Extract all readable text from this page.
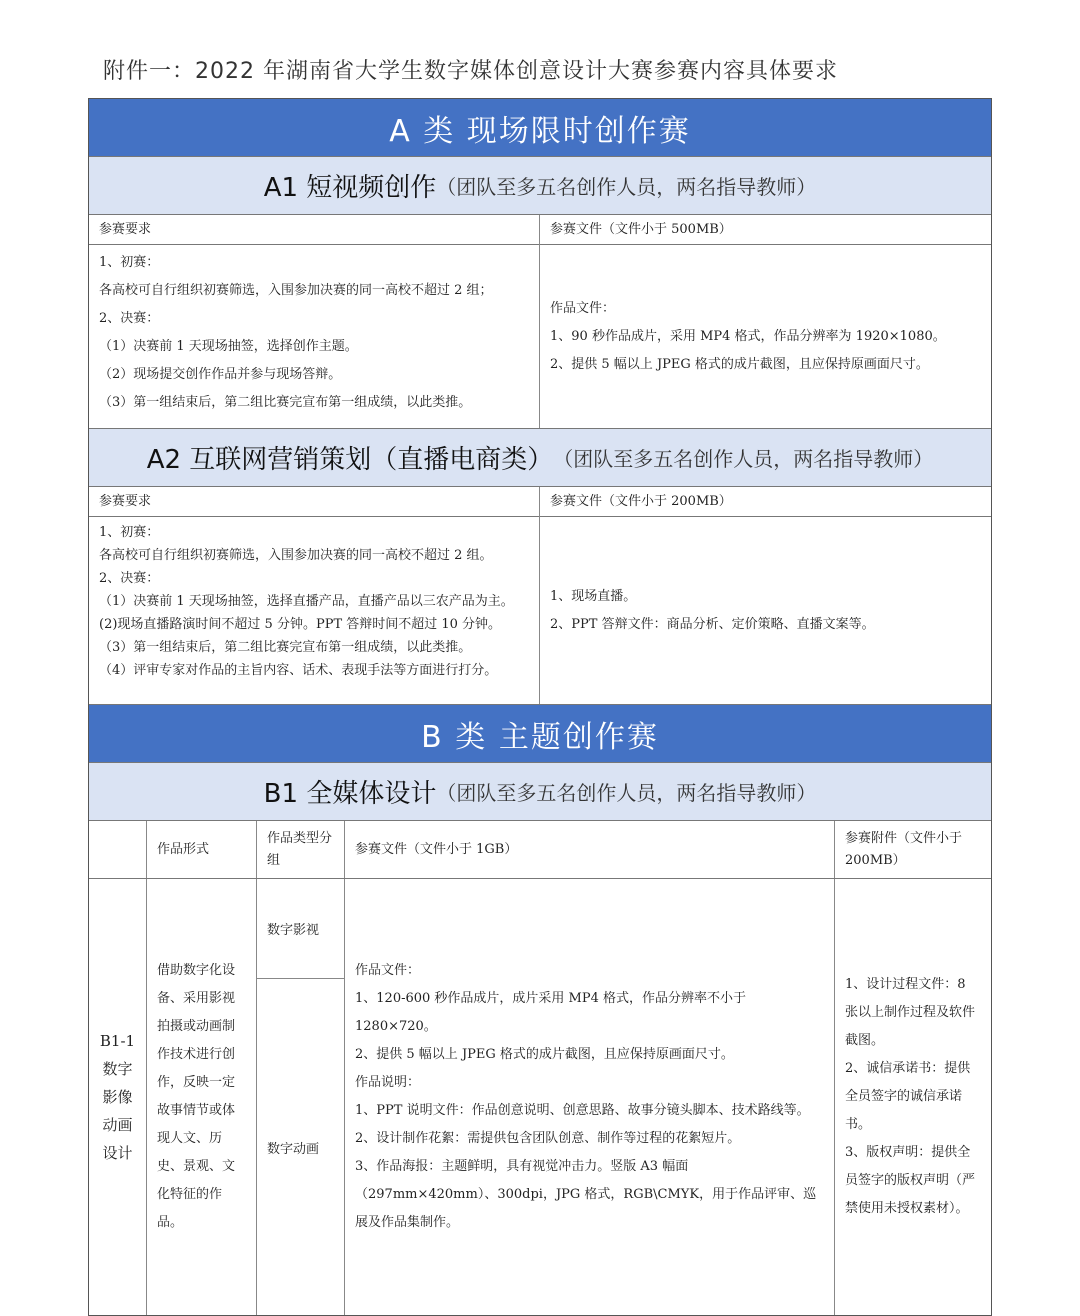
附件一：2022 年湖南省大学生数字媒体创意设计大赛参赛内容具体要求
A 类 现场限时创作赛
A1 短视频创作 （团队至多五名创作人员，两名指导教师）
参赛要求	参赛文件（文件小于 500MB）
1、初赛：
各高校可自行组织初赛筛选，入围参加决赛的同一高校不超过 2 组；
2、决赛：
（1）决赛前 1 天现场抽签，选择创作主题。
（2）现场提交创作作品并参与现场答辩。
（3）第一组结束后，第二组比赛完宣布第一组成绩，以此类推。
作品文件：
1、90 秒作品成片，采用 MP4 格式，作品分辨率为 1920×1080。
2、提供 5 幅以上 JPEG 格式的成片截图，且应保持原画面尺寸。
A2 互联网营销策划（直播电商类） （团队至多五名创作人员，两名指导教师）
参赛要求	参赛文件（文件小于 200MB）
1、初赛：
各高校可自行组织初赛筛选，入围参加决赛的同一高校不超过 2 组。
2、决赛：
（1）决赛前 1 天现场抽签，选择直播产品，直播产品以三农产品为主。
(2)现场直播路演时间不超过 5 分钟。PPT 答辩时间不超过 10 分钟。
（3）第一组结束后，第二组比赛完宣布第一组成绩，以此类推。
（4）评审专家对作品的主旨内容、话术、表现手法等方面进行打分。
1、现场直播。
2、PPT 答辩文件：商品分析、定价策略、直播文案等。
B 类 主题创作赛
B1 全媒体设计 （团队至多五名创作人员，两名指导教师）
作品形式
作品类型分组
参赛文件（文件小于 1GB）
参赛附件（文件小于 200MB）
B1-1 数字影像动画设计
借助数字化设备、采用影视拍摄或动画制作技术进行创作，反映一定故事情节或体现人文、历史、景观、文化特征的作品。
数字影视
数字动画
作品文件：
1、120-600 秒作品成片，成片采用 MP4 格式，作品分辨率不小于 1280×720。
2、提供 5 幅以上 JPEG 格式的成片截图，且应保持原画面尺寸。
作品说明：
1、PPT 说明文件：作品创意说明、创意思路、故事分镜头脚本、技术路线等。
2、设计制作花絮：需提供包含团队创意、制作等过程的花絮短片。
3、作品海报：主题鲜明，具有视觉冲击力。竖版 A3 幅面（297mm×420mm）、300dpi，JPG 格式，RGB\CMYK，用于作品评审、巡展及作品集制作。
1、设计过程文件：8 张以上制作过程及软件截图。
2、诚信承诺书：提供全员签字的诚信承诺书。
3、版权声明：提供全员签字的版权声明（严禁使用未授权素材）。
